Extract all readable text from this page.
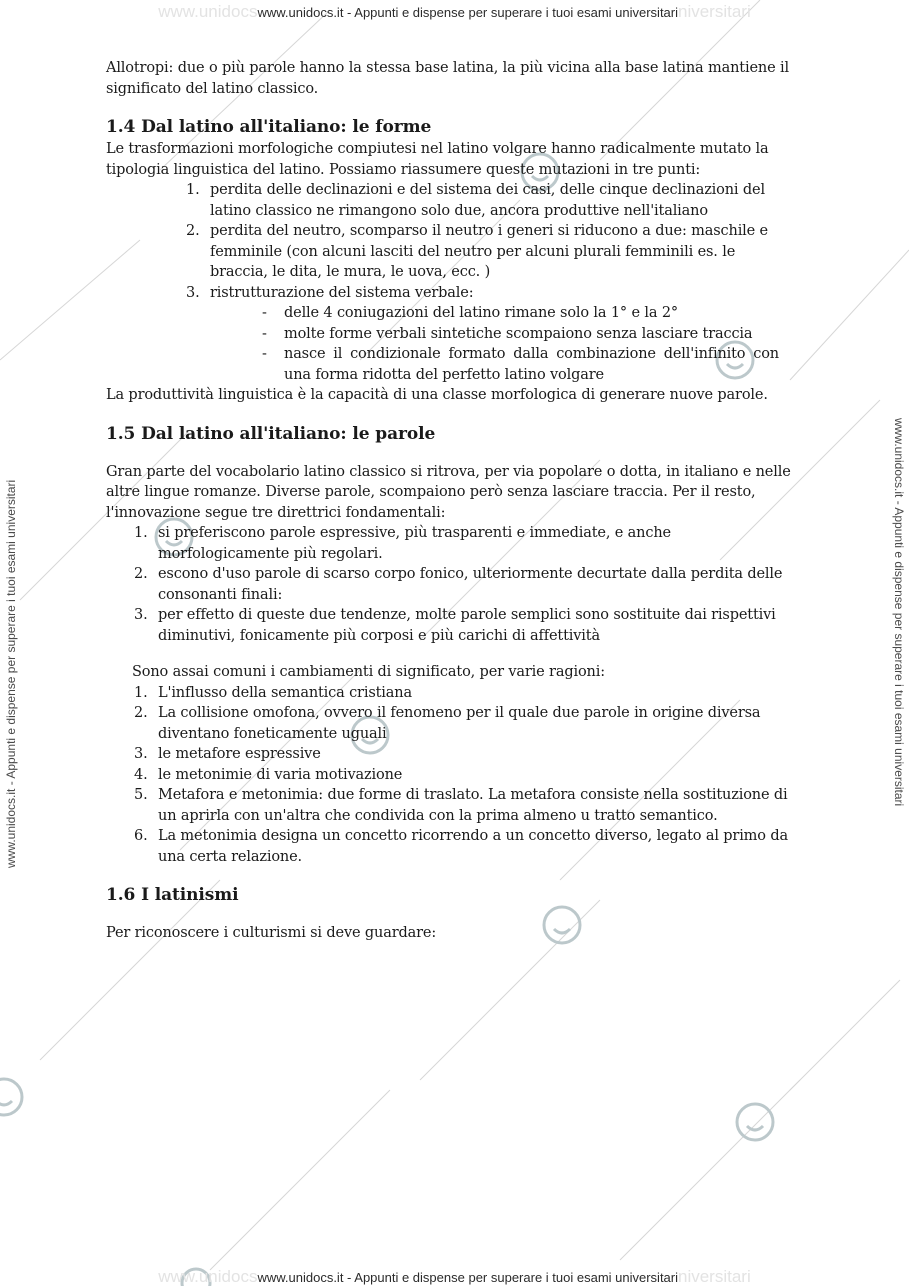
www.unidocswww.unidocs.it - Appunti e dispense per superare i tuoi esami universitariniversitari
www.unidocswww.unidocs.it - Appunti e dispense per superare i tuoi esami universitariniversitari
www.unidocs.it - Appunti e dispense per superare i tuoi esami universitari	www.unidocs.it - Appunti e dispense per superare i tuoi esami universitari

Allotropi: due o più parole hanno la stessa base latina, la più vicina alla base latina mantiene il significato del latino classico.

1.4 Dal latino all'italiano: le forme

Le trasformazioni morfologiche compiutesi nel latino volgare hanno radicalmente mutato la tipologia linguistica del latino. Possiamo riassumere queste mutazioni in tre punti:

1. perdita delle declinazioni e del sistema dei casi, delle cinque declinazioni del latino classico ne rimangono solo due, ancora produttive nell'italiano
2. perdita del neutro, scomparso il neutro i generi si riducono a due: maschile e femminile (con alcuni lasciti del neutro per alcuni plurali femminili es. le braccia, le dita, le mura, le uova, ecc. )
3. ristrutturazione del sistema verbale:
- delle 4 coniugazioni del latino rimane solo la 1° e la 2°
- molte forme verbali sintetiche scompaiono senza lasciare traccia
- nasce il condizionale formato dalla combinazione dell'infinito con una forma ridotta del perfetto latino volgare

La produttività linguistica è la capacità di una classe morfologica di generare nuove parole.

1.5 Dal latino all'italiano: le parole

Gran parte del vocabolario latino classico si ritrova, per via popolare o dotta, in italiano e nelle altre lingue romanze. Diverse parole, scompaiono però senza lasciare traccia. Per il resto, l'innovazione segue tre direttrici fondamentali:

1. si preferiscono parole espressive, più trasparenti e immediate, e anche morfologicamente più regolari.
2. escono d'uso parole di scarso corpo fonico, ulteriormente decurtate dalla perdita delle consonanti finali:
3. per effetto di queste due tendenze, molte parole semplici sono sostituite dai rispettivi diminutivi, fonicamente più corposi e più carichi di affettività

Sono assai comuni i cambiamenti di significato, per varie ragioni:

1. L'influsso della semantica cristiana
2. La collisione omofona, ovvero il fenomeno per il quale due parole in origine diversa diventano foneticamente uguali
3. le metafore espressive
4. le metonimie di varia motivazione
5. Metafora e metonimia: due forme di traslato. La metafora consiste nella sostituzione di un aprirla con un'altra che condivida con la prima almeno u tratto semantico.
6. La metonimia designa un concetto ricorrendo a un concetto diverso, legato al primo da una certa relazione.
1.6 I latinismi

Per riconoscere i culturismi si deve guardare:
